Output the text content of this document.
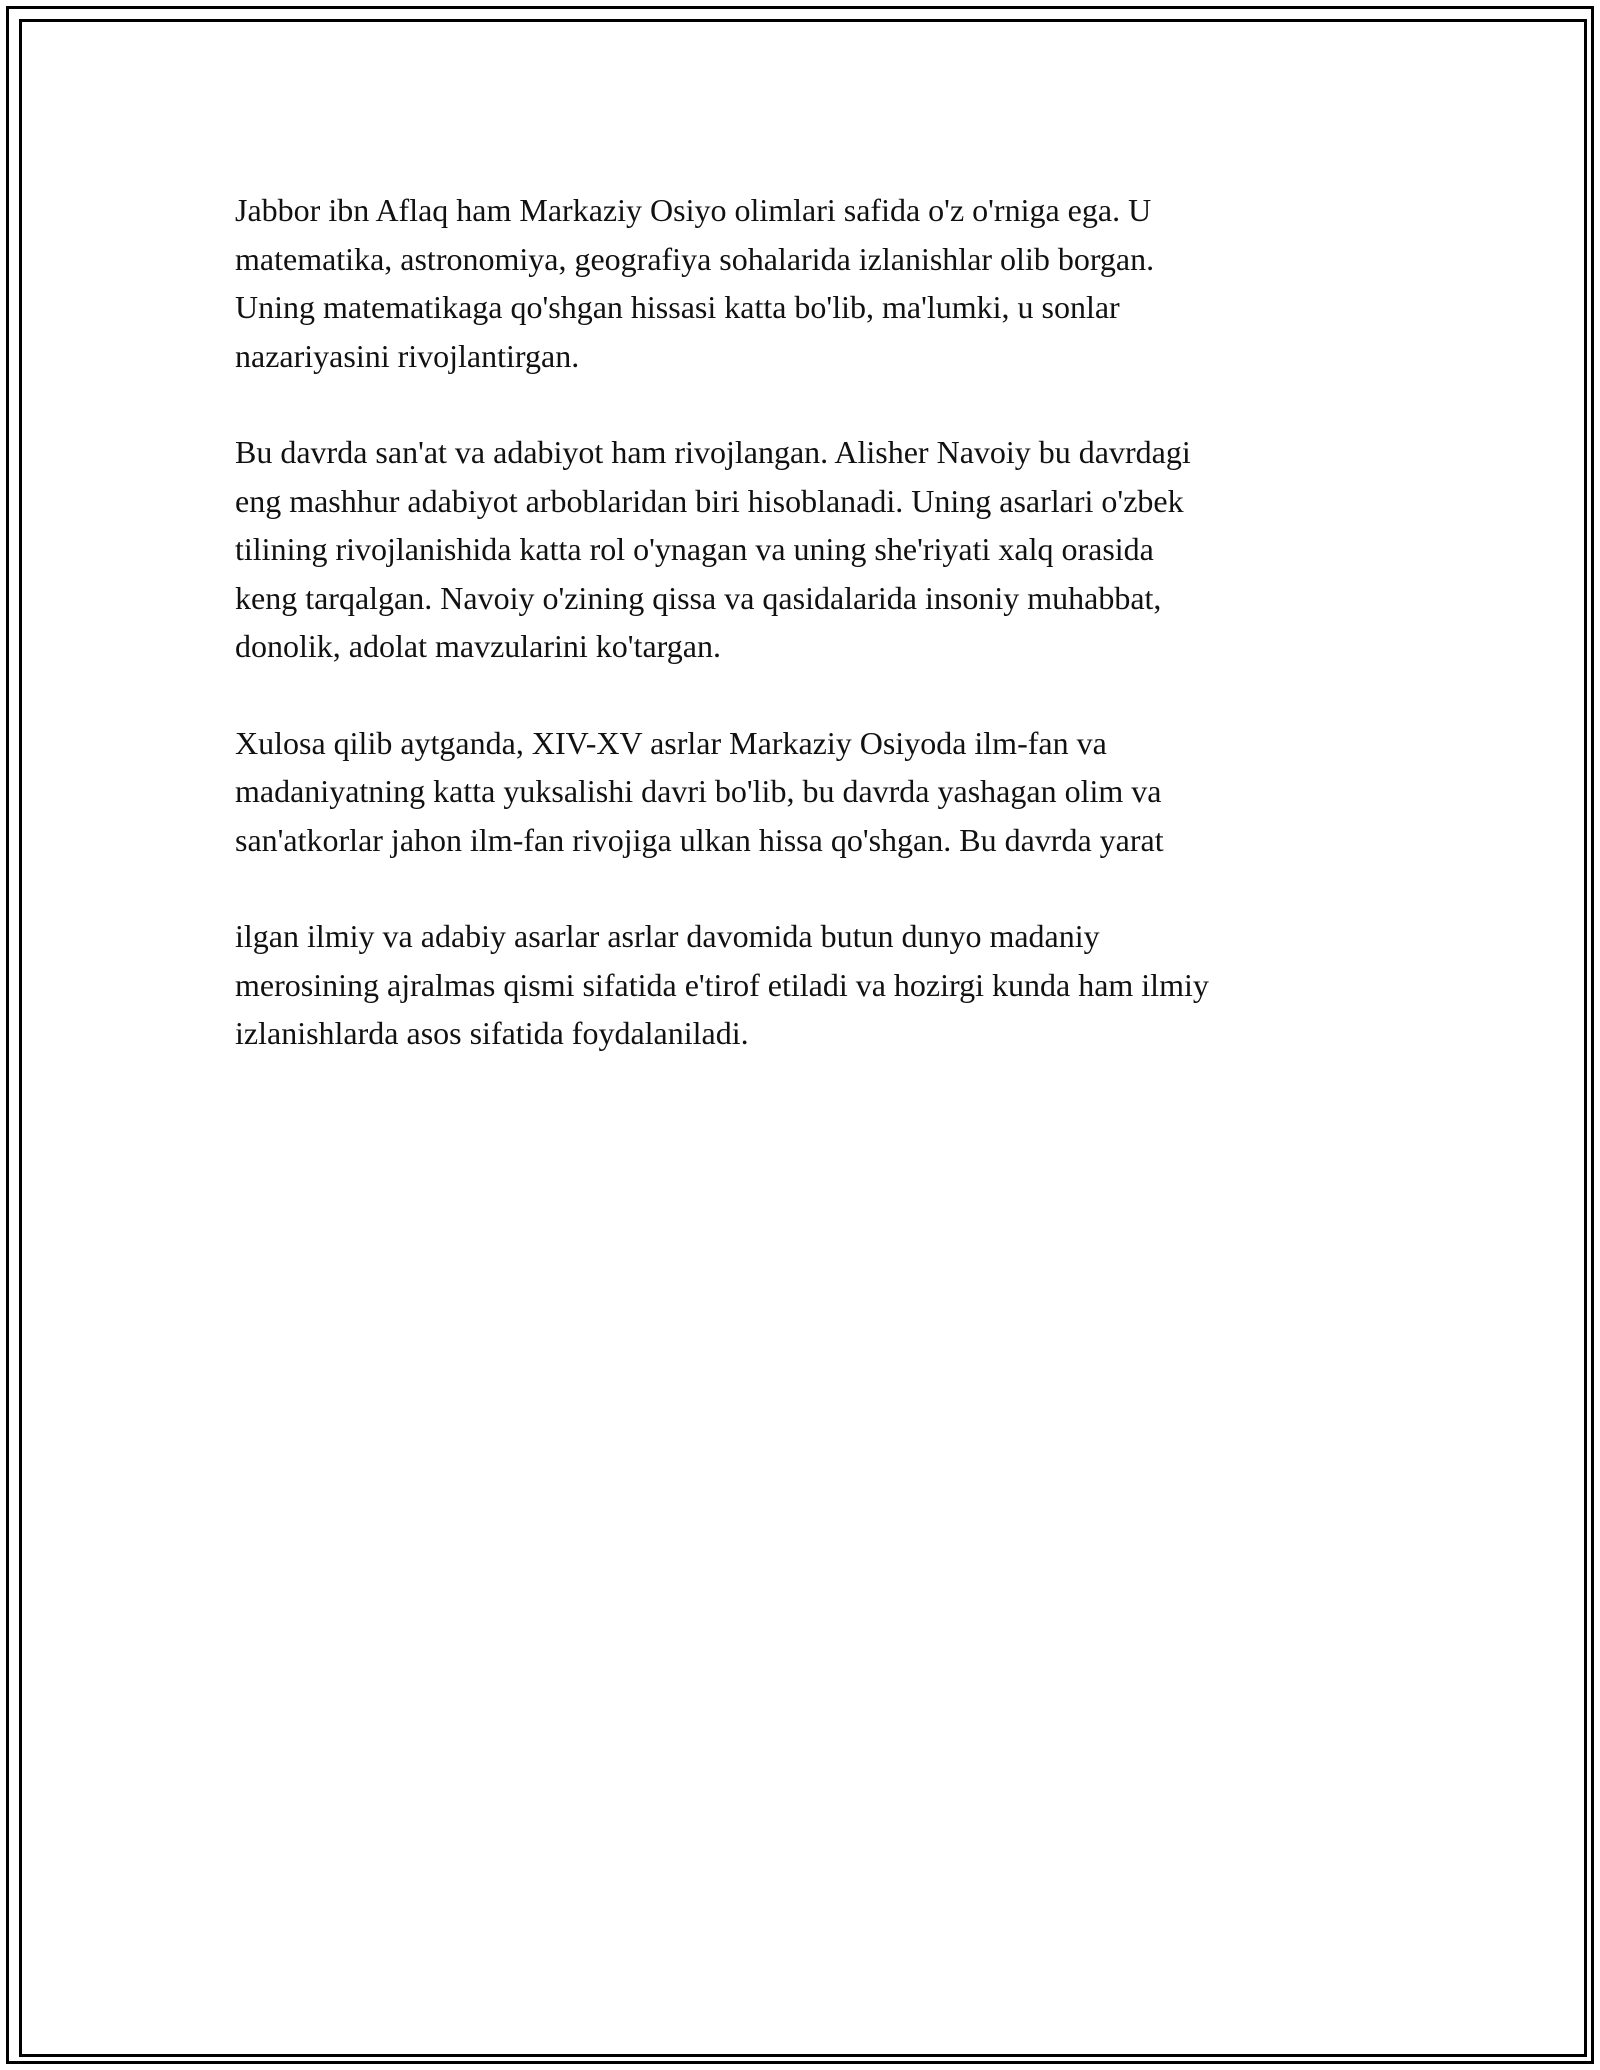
Jabbor ibn Aflaq ham Markaziy Osiyo olimlari safida o'z o'rniga ega. U
matematika, astronomiya, geografiya sohalarida izlanishlar olib borgan.
Uning matematikaga qo'shgan hissasi katta bo'lib, ma'lumki, u sonlar
nazariyasini rivojlantirgan.

Bu davrda san'at va adabiyot ham rivojlangan. Alisher Navoiy bu davrdagi
eng mashhur adabiyot arboblaridan biri hisoblanadi. Uning asarlari o'zbek
tilining rivojlanishida katta rol o'ynagan va uning she'riyati xalq orasida
keng tarqalgan. Navoiy o'zining qissa va qasidalarida insoniy muhabbat,
donolik, adolat mavzularini ko'targan.

Xulosa qilib aytganda, XIV-XV asrlar Markaziy Osiyoda ilm-fan va
madaniyatning katta yuksalishi davri bo'lib, bu davrda yashagan olim va
san'atkorlar jahon ilm-fan rivojiga ulkan hissa qo'shgan. Bu davrda yarat

ilgan ilmiy va adabiy asarlar asrlar davomida butun dunyo madaniy
merosining ajralmas qismi sifatida e'tirof etiladi va hozirgi kunda ham ilmiy
izlanishlarda asos sifatida foydalaniladi.
